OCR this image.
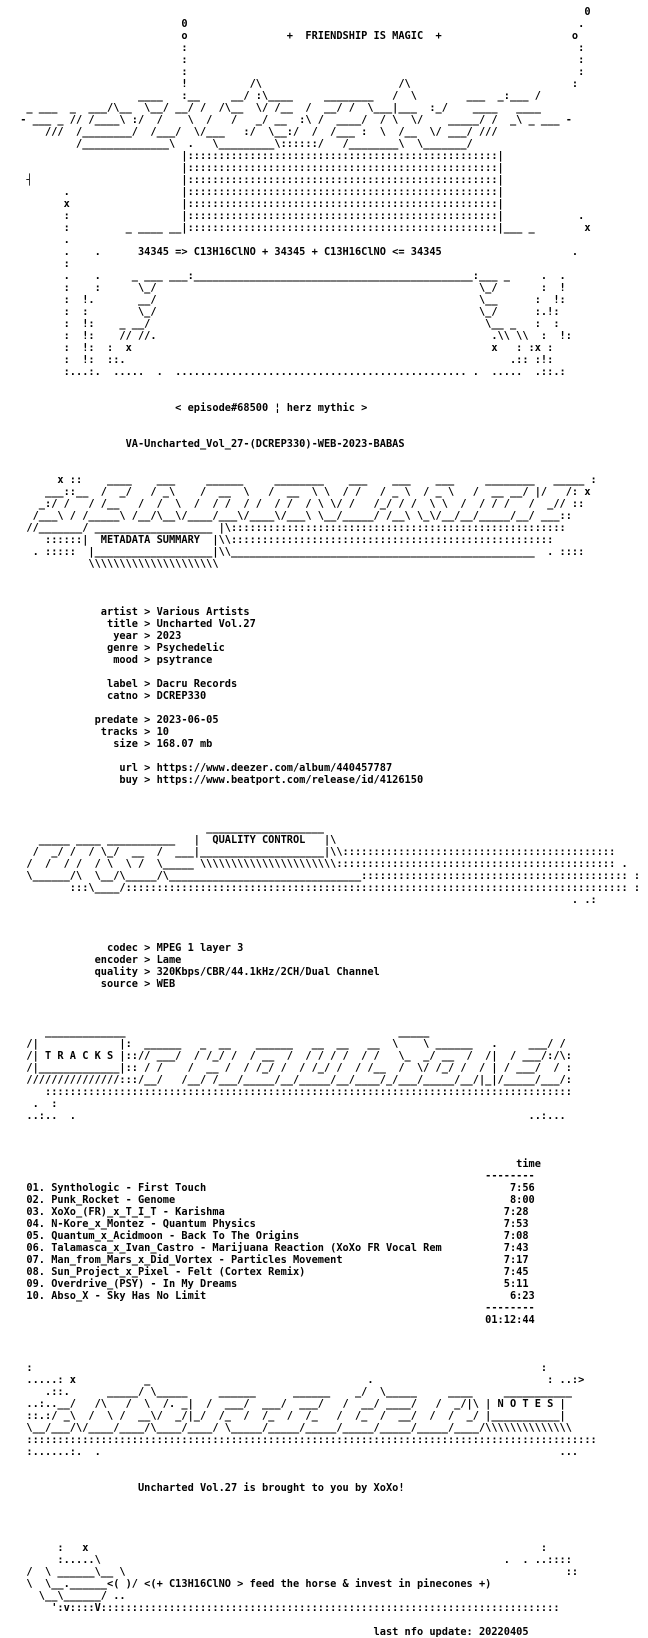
0
0                                                               .
o                +  FRIENDSHIP IS MAGIC  +                     o
:                                                               :
:                                                               :
:                                                               :
!          /\                      /\                          :
____   :__     __/ :\____     ________   /  \        ___  _:___ /
_ ___  _  ___/\__  \__/ __/ /  /\__  \/ /__  /  __/ /  \___|___  :_/    ____   ____
- ___ _ // /____\ :/  /    \  /   /   _/ __  :\ /  ____/  / \  \/    _____/ /  _\ _ ___ -
///  /________/  /___/  \/___   :/  \__:/  /  /___ :  \  /__  \/ ___/ ///
/______________\  .   \_________\::::::/   /________\  \_______/
|::::::::::::::::::::::::::::::::::::::::::::::::::|
|::::::::::::::::::::::::::::::::::::::::::::::::::|
┤                        |::::::::::::::::::::::::::::::::::::::::::::::::::|
.                  |::::::::::::::::::::::::::::::::::::::::::::::::::|
x                  |::::::::::::::::::::::::::::::::::::::::::::::::::|
:                  |::::::::::::::::::::::::::::::::::::::::::::::::::|            .
:         _ ____ __|::::::::::::::::::::::::::::::::::::::::::::::::::|___ _        x
.
.    .      34345 => C13H16ClNO + 34345 + C13H16ClNO <= 34345                     .
:
.    .     _ ___ ___:_____________________________________________:___ _     .  .
:    :      \_/                                                    \_/       :  !
:  !.       __/                                                    \__      :  !:
:  :        \_/                                                    \_/      :.!:
:  !:    _ __/                                                      \__ _   :  :
:  !:    // //.                                                      .\\ \\  :  !:
:  !:  :  x                                                          x   : :x :
:  !:  ::.                                                              .:: :!:
:...:.  .....  .  ............................................... .  .....  .::.:

< episode#68500 ¦ herz mythic >

VA-Uncharted_Vol_27-(DCREP330)-WEB-2023-BABAS

x ::    ____    ___     ______     ________    ___    ___    ___     ________   _____ :
___::__  /  _/   / _\    /  __  \   /  __  \ \  / /   / _ \  / _ \   /  __ __/ |/   /: x
_:/ /   / /__   /  /  \  /  / /  / /  / /  / \ \/ /   /_/ / /  \ \  /  / / /   /  _// ::
/___\ / /_____\ /__/\__\/____/___\/____\/___\ \__/_____/ /__\ \_\/__/__/_____/__/ ___::
//_______/ ___________________ |\::::::::::::::::::::::::::::::::::::::::::::::::::::::
::::::|  METADATA SUMMARY  |\\::::::::::::::::::::::::::::::::::::::::::::::::::::
. :::::  |___________________|\\_________________________________________________  . ::::
\\\\\\\\\\\\\\\\\\\\\

artist > Various Artists
title > Uncharted Vol.27
year > 2023
genre > Psychedelic
mood > psytrance

label > Dacru Records
catno > DCREP330

predate > 2023-06-05
tracks > 10
size > 168.07 mb

url > https://www.deezer.com/album/440457787
buy > https://www.beatport.com/release/id/4126150

___________________
_____ ____ ___________   |  QUALITY CONTROL   |\
/  _/ /  / \_/  __  /  ___|____________________|\\::::::::::::::::::::::::::::::::::::::::::::
/  /  / /  / \  \ /  \_____ \\\\\\\\\\\\\\\\\\\\\\::::::::::::::::::::::::::::::::::::::::::::: .
\______/\  \__/\_____/\_______________________________::::::::::::::::::::::::::::::::::::::::::: :
:::\____/::::::::::::::::::::::::::::::::::::::::::::::::::::::::::::::::::::::::::::::::: :
. .:

codec > MPEG 1 layer 3
encoder > Lame
quality > 320Kbps/CBR/44.1kHz/2CH/Dual Channel
source > WEB

_____________                                            _____
/|             |:  ______   _  __    ______   __  __   __  \    \ ______   .     ___/ /
/| T R A C K S |::// ___/  / /_/ /  / __  /  / / / /  / /   \_  _/ __  /  /|  / ___/:/\:
/|_____________|:: / /    /  __ /  / /_/ /  / /_/ /  / /__  /  \/ /_/ /  / | / ___/  / :
///////////////:::/__/   /__/ /___/_____/__/_____/__/____/_/___/_____/__/|_|/_____/___/:
:::::::::::::::::::::::::::::::::::::::::::::::::::::::::::::::::::::::::::::::::::::
.  :
..:..  .                                                                         ..:...

time
--------
01. Synthologic - First Touch                                                 7:56
02. Punk_Rocket - Genome                                                      8:00
03. XoXo_(FR)_x_T_I_T - Karishma                                             7:28
04. N-Kore_x_Montez - Quantum Physics                                        7:53
05. Quantum_x_Acidmoon - Back To The Origins                                 7:08
06. Talamasca_x_Ivan_Castro - Marijuana Reaction (XoXo FR Vocal Rem          7:43
07. Man_from_Mars_x_Did_Vortex - Particles Movement                          7:17
08. Sun_Project_x_Pixel - Felt (Cortex Remix)                                7:45
09. Overdrive_(PSY) - In My Dreams                                           5:11
10. Abso_X - Sky Has No Limit                                                 6:23
--------
01:12:44

:                                                                                  :
.....: x           _                                   .                            : ..:>
.::.      _____/ \_____     ______      ______    _/  \_____     ____     ___________
..:..__/   /\   /  \  /. _|  /  ___/  ___/  ___/   /  __/ ____/   /  _/|\ | N O T E S |
::.:/ _\  /  \ /  __\/  _/|_/  /_  /  /_  /  /_   /  /_  /  __/  /  /  _/ |___________|
\__/___/\/____/____/\____/____/ \_____/_____/_____/_____/_____/_____/____/\\\\\\\\\\\\\\
::::::::::::::::::::::::::::::::::::::::::::::::::::::::::::::::::::::::::::::::::::::::::::
:......:.  .                                                                          ...

Uncharted Vol.27 is brought to you by XoXo!

:   x                                                                         :
:.....\                                                                 .  . ..::::
/  \ ______\__ \                                                                       ::
\  \__.______<( )/ <(+ C13H16ClNO > feed the horse & invest in pinecones +)
\__\______/ ..
':v::::V::::::::::::::::::::::::::::::::::::::::::::::::::::::::::::::::::::::::::

last nfo update: 20220405
